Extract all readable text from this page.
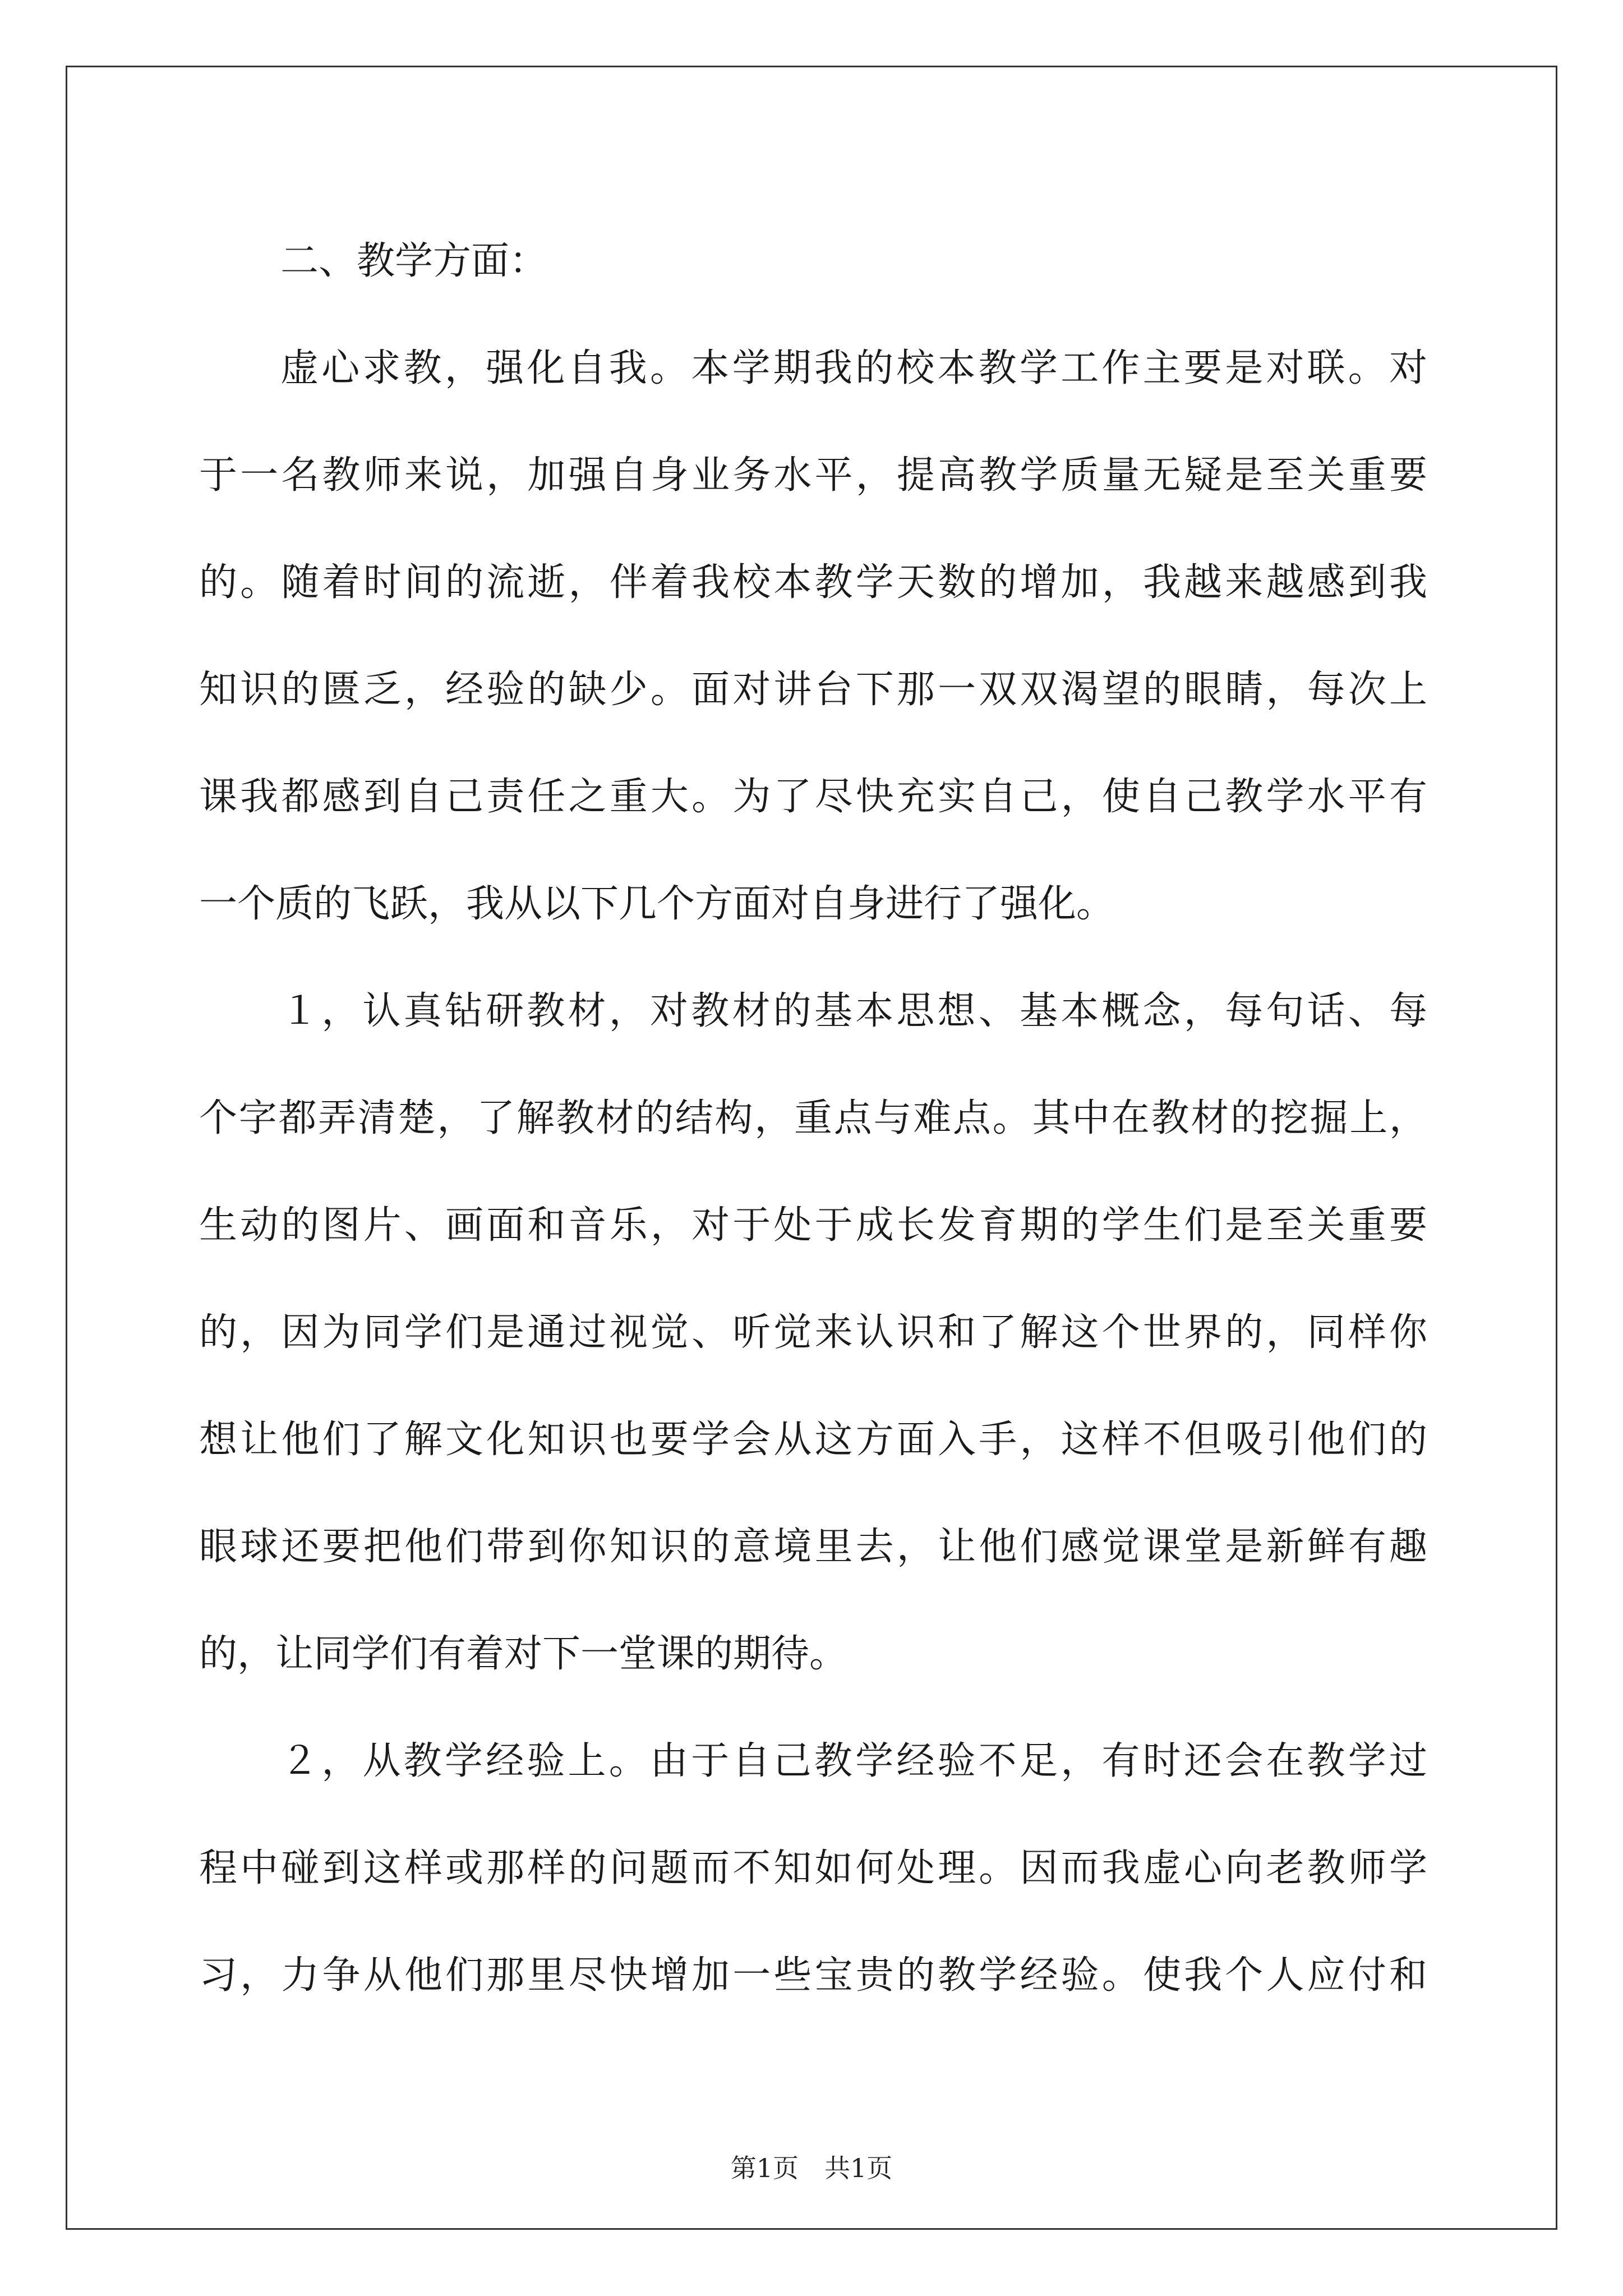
二、教学方面：
虚心求教，强化自我。本学期我的校本教学工作主要是对联。对
于一名教师来说，加强自身业务水平，提高教学质量无疑是至关重要
的。随着时间的流逝，伴着我校本教学天数的增加，我越来越感到我
知识的匮乏，经验的缺少。面对讲台下那一双双渴望的眼睛，每次上
课我都感到自己责任之重大。为了尽快充实自己，使自己教学水平有
一个质的飞跃，我从以下几个方面对自身进行了强化。
１，认真钻研教材，对教材的基本思想、基本概念，每句话、每
个字都弄清楚，了解教材的结构，重点与难点。其中在教材的挖掘上，
生动的图片、画面和音乐，对于处于成长发育期的学生们是至关重要
的，因为同学们是通过视觉、听觉来认识和了解这个世界的，同样你
想让他们了解文化知识也要学会从这方面入手，这样不但吸引他们的
眼球还要把他们带到你知识的意境里去，让他们感觉课堂是新鲜有趣
的，让同学们有着对下一堂课的期待。
２，从教学经验上。由于自己教学经验不足，有时还会在教学过
程中碰到这样或那样的问题而不知如何处理。因而我虚心向老教师学
习，力争从他们那里尽快增加一些宝贵的教学经验。使我个人应付和
第1页　共1页
